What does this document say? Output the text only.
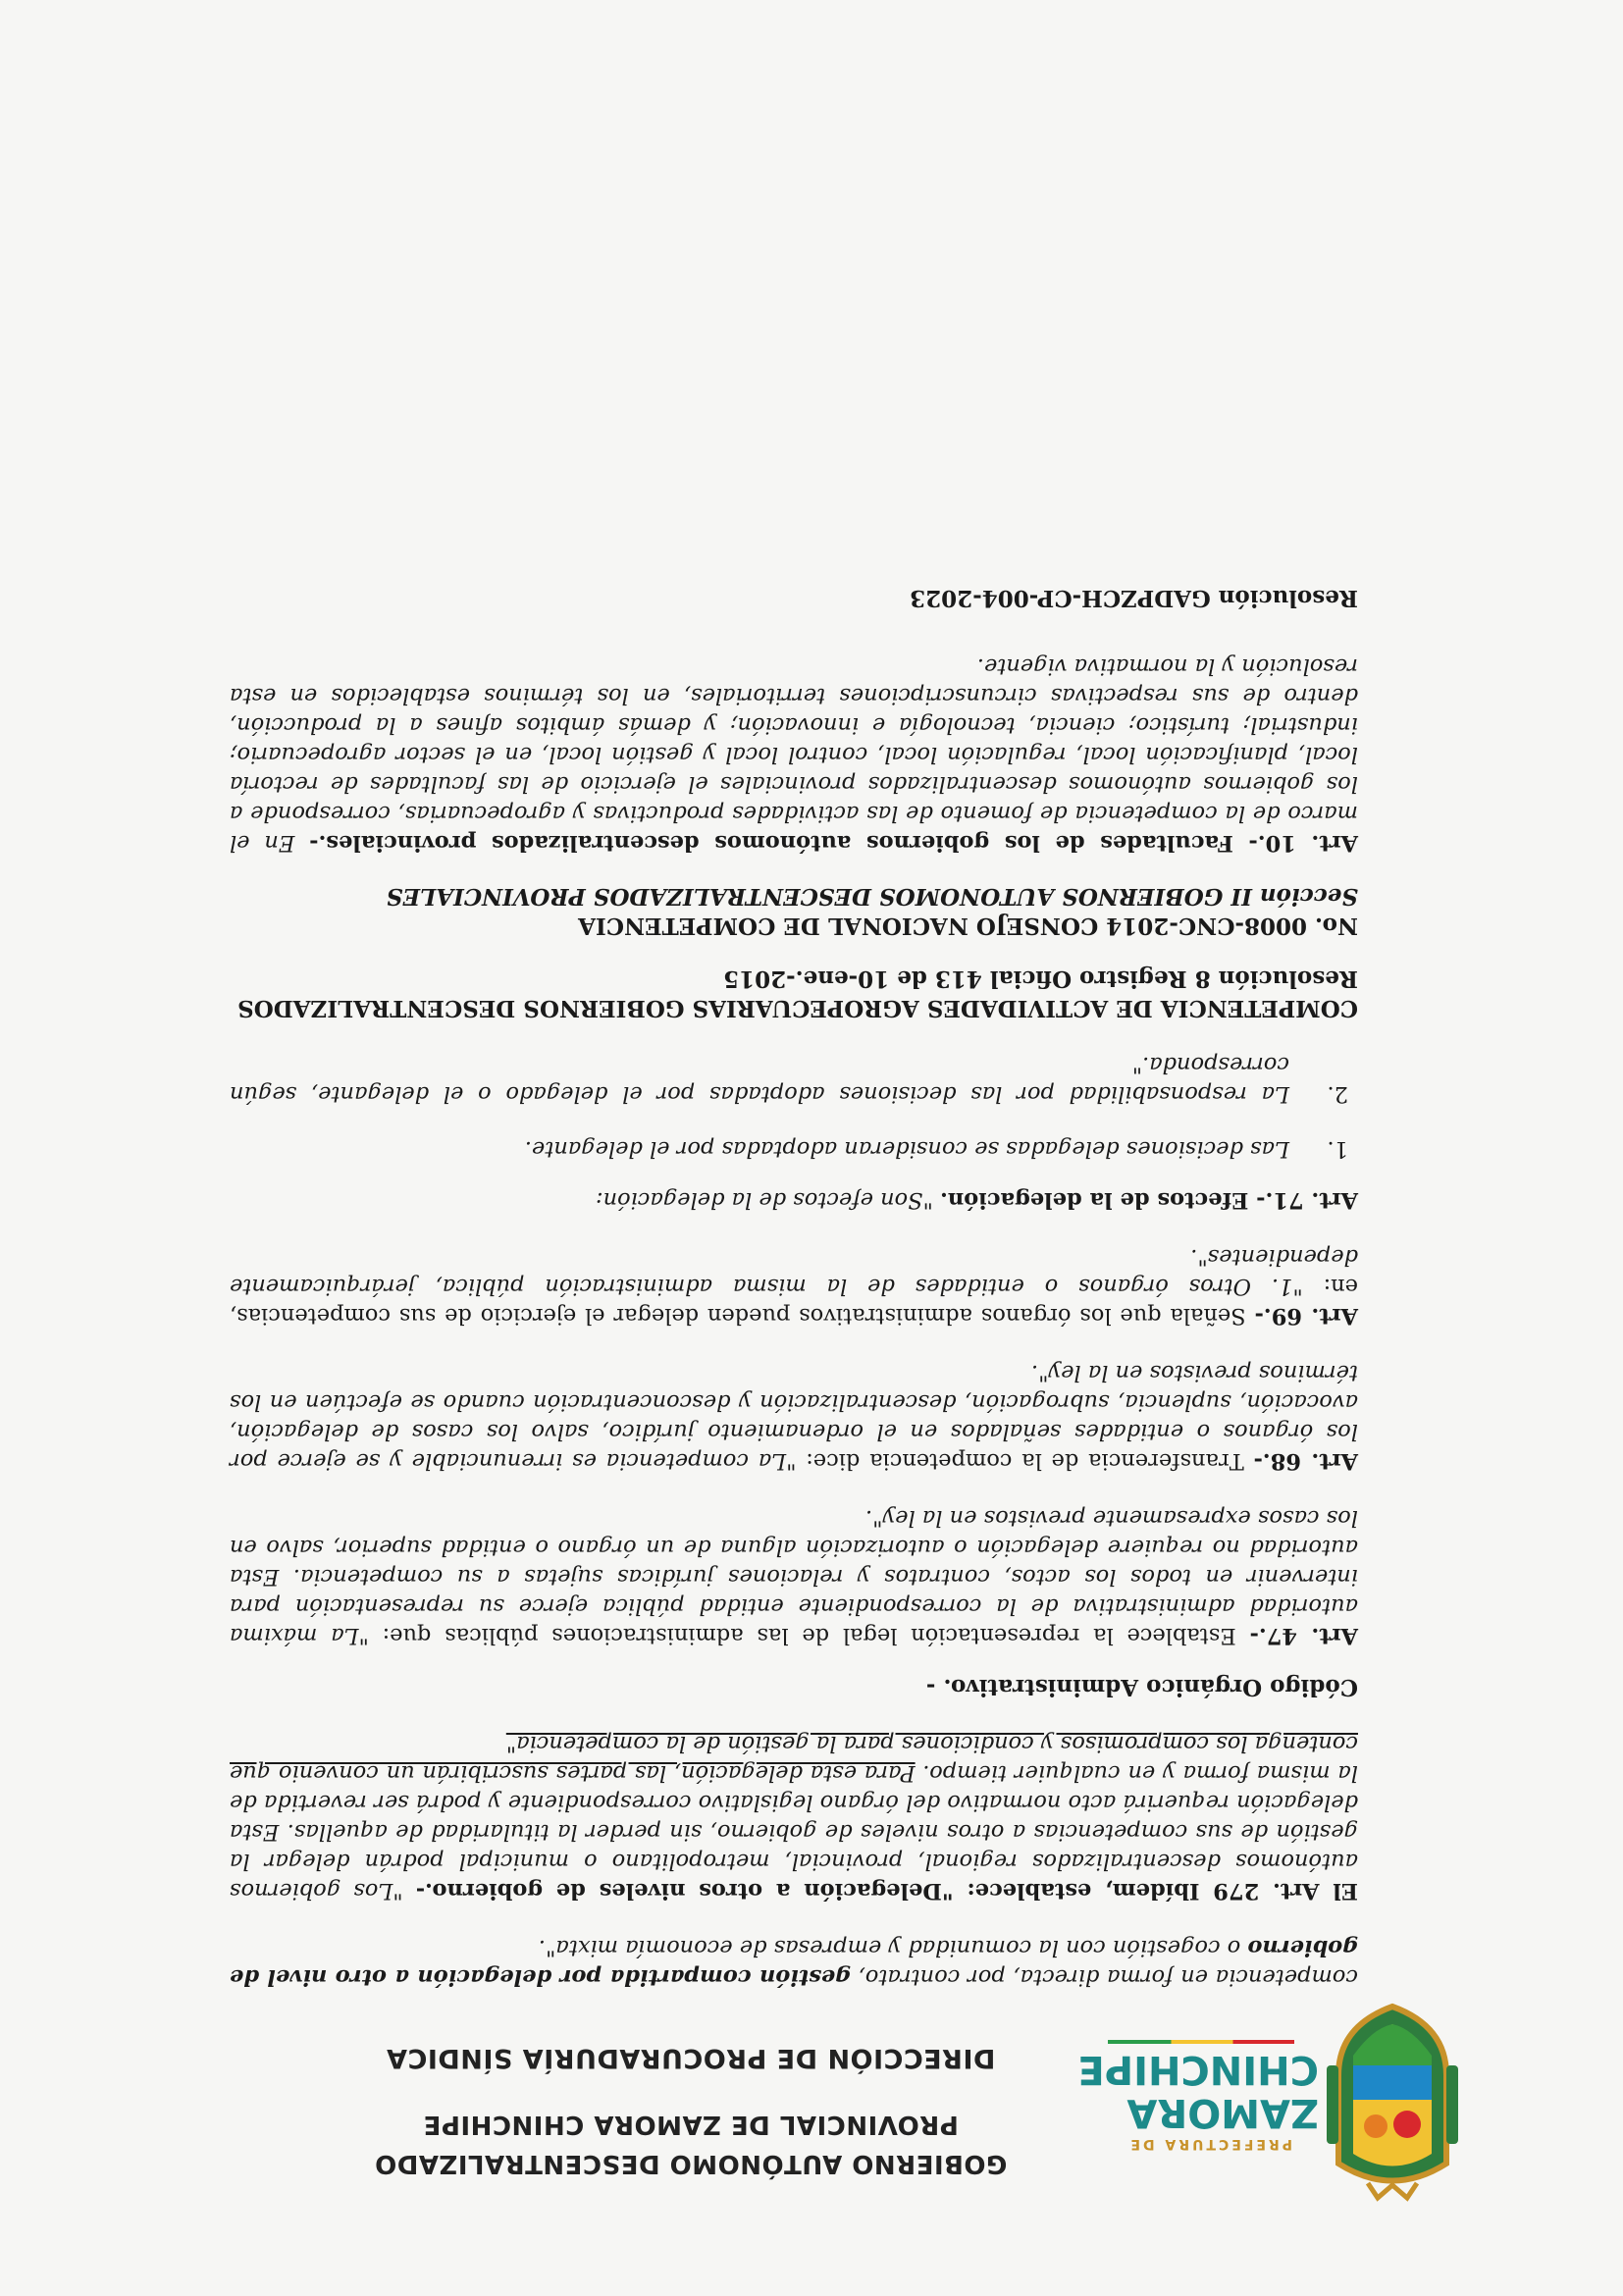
PREFECTURA DE
ZAMORA
CHINCHIPE
GOBIERNO AUTÓNOMO DESCENTRALIZADO
PROVINCIAL DE ZAMORA CHINCHIPE
DIRECCIÓN DE PROCURADURÍA SÍNDICA

competencia en forma directa, por contrato, gestión compartida por delegación a otro nivel de gobierno o cogestión con la comunidad y empresas de economía mixta".

El Art. 279 Ibídem, establece: "Delegación a otros niveles de gobierno.- "Los gobiernos autónomos descentralizados regional, provincial, metropolitano o municipal podrán delegar la gestión de sus competencias a otros niveles de gobierno, sin perder la titularidad de aquellas. Esta delegación requerirá acto normativo del órgano legislativo correspondiente y podrá ser revertida de la misma forma y en cualquier tiempo. Para esta delegación, las partes suscribirán un convenio que contenga los compromisos y condiciones para la gestión de la competencia"

Código Orgánico Administrativo. -

Art. 47.- Establece la representación legal de las administraciones públicas que: "La máxima autoridad administrativa de la correspondiente entidad pública ejerce su representación para intervenir en todos los actos, contratos y relaciones jurídicas sujetas a su competencia. Esta autoridad no requiere delegación o autorización alguna de un órgano o entidad superior, salvo en los casos expresamente previstos en la ley".

Art. 68.- Transferencia de la competencia dice: "La competencia es irrenunciable y se ejerce por los órganos o entidades señalados en el ordenamiento jurídico, salvo los casos de delegación, avocación, suplencia, subrogación, descentralización y desconcentración cuando se efectúen en los términos previstos en la ley".

Art. 69.- Señala que los órganos administrativos pueden delegar el ejercicio de sus competencias, en: "1. Otros órganos o entidades de la misma administración pública, jerárquicamente dependientes".

Art. 71.- Efectos de la delegación. "Son efectos de la delegación:

1.
Las decisiones delegadas se consideran adoptadas por el delegante.
2.
La responsabilidad por las decisiones adoptadas por el delegado o el delegante, según corresponda."
COMPETENCIA DE ACTIVIDADES AGROPECUARIAS GOBIERNOS DESCENTRALIZADOS
Resolución 8 Registro Oficial 413 de 10-ene.-2015
No. 0008-CNC-2014 CONSEJO NACIONAL DE COMPETENCIA
Sección II GOBIERNOS AUTONOMOS DESCENTRALIZADOS PROVINCIALES

Art. 10.- Facultades de los gobiernos autónomos descentralizados provinciales.- En el marco de la competencia de fomento de las actividades productivas y agropecuarias, corresponde a los gobiernos autónomos descentralizados provinciales el ejercicio de las facultades de rectoría local, planificación local, regulación local, control local y gestión local, en el sector agropecuario; industrial; turístico; ciencia, tecnología e innovación; y demás ámbitos afines a la producción, dentro de sus respectivas circunscripciones territoriales, en los términos establecidos en esta resolución y la normativa vigente.

Resolución GADPZCH-CP-004-2023
